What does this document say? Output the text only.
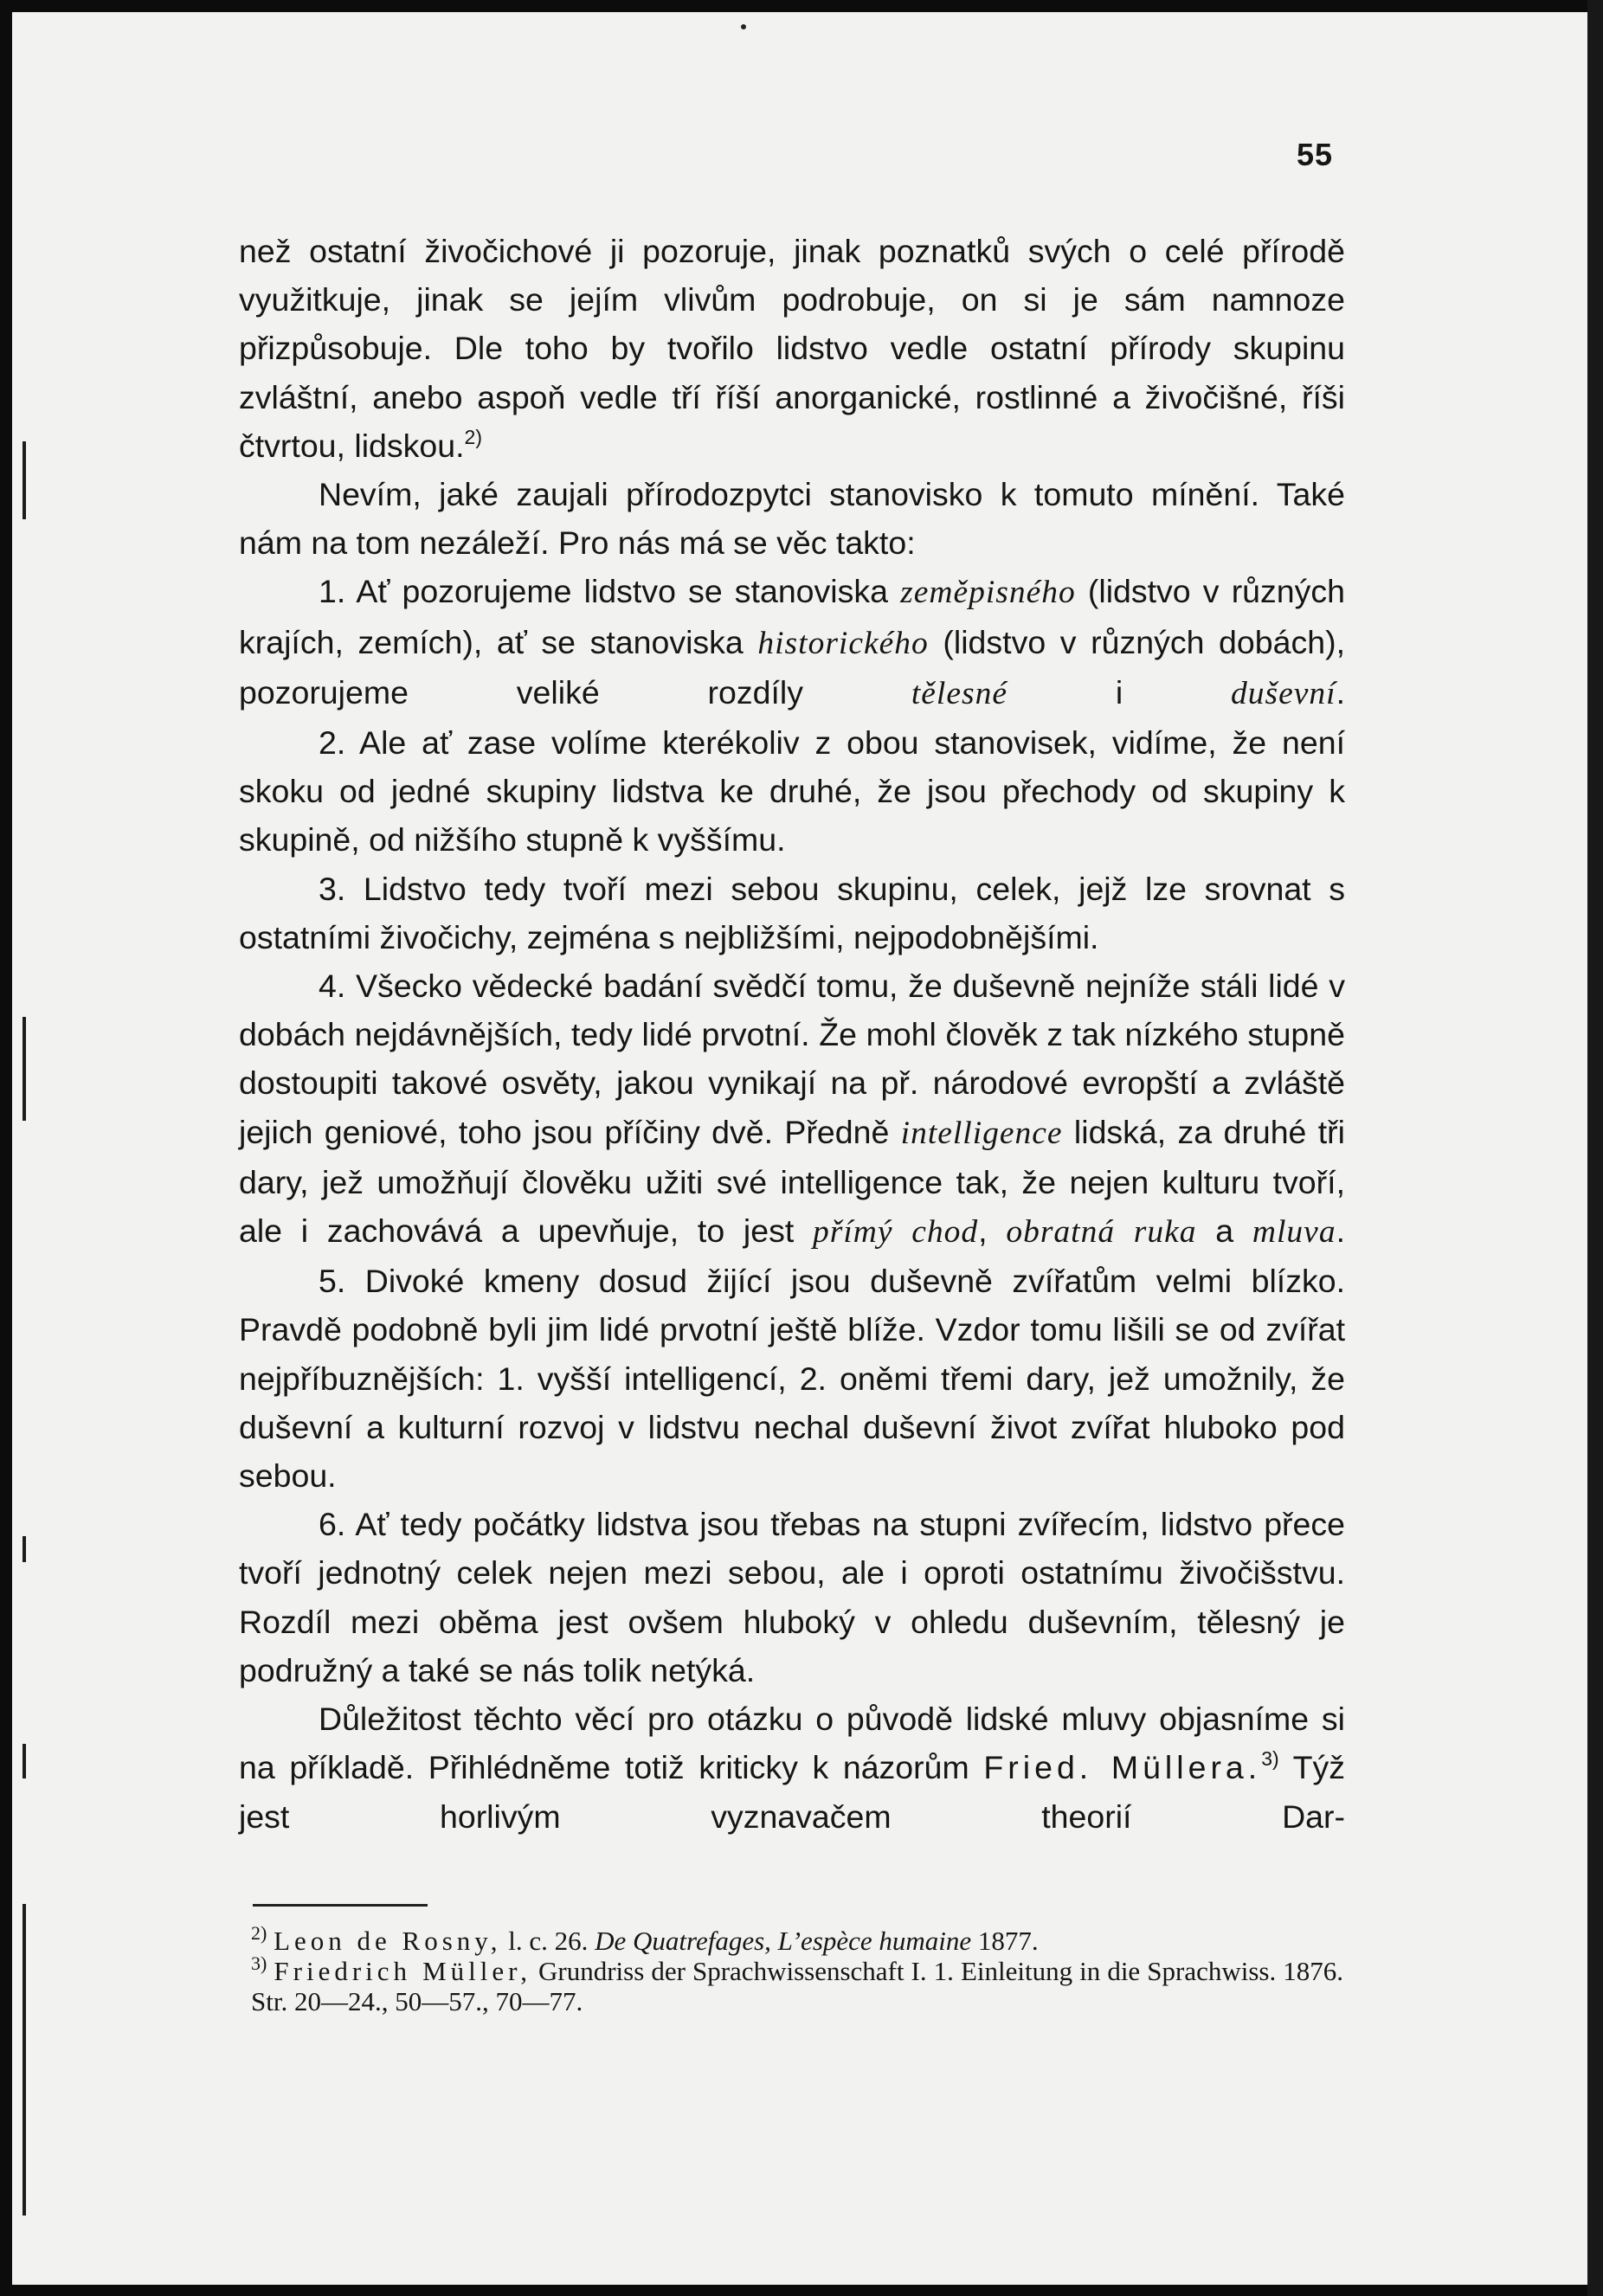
55

než ostatní živočichové ji pozoruje, jinak poznatků svých o celé přírodě využitkuje, jinak se jejím vlivům podrobuje, on si je sám namnoze přizpůsobuje. Dle toho by tvořilo lidstvo vedle ostatní přírody skupinu zvláštní, anebo aspoň vedle tří říší anorganické, rostlinné a živočišné, říši čtvrtou, lidskou.$^{2)}$

Nevím, jaké zaujali přírodozpytci stanovisko k tomuto mínění. Také nám na tom nezáleží. Pro nás má se věc takto:

1. Ať pozorujeme lidstvo se stanoviska zeměpisného (lidstvo v různých krajích, zemích), ať se stanoviska historického (lidstvo v různých dobách), pozorujeme veliké rozdíly tělesné i duševní.

2. Ale ať zase volíme kterékoliv z obou stanovisek, vidíme, že není skoku od jedné skupiny lidstva ke druhé, že jsou přechody od skupiny k skupině, od nižšího stupně k vyššímu.

3. Lidstvo tedy tvoří mezi sebou skupinu, celek, jejž lze srovnat s ostatními živočichy, zejména s nejbližšími, nejpodobnějšími.

4. Všecko vědecké badání svědčí tomu, že duševně nejníže stáli lidé v dobách nejdávnějších, tedy lidé prvotní. Že mohl člověk z tak nízkého stupně dostoupiti takové osvěty, jakou vynikají na př. národové evropští a zvláště jejich geniové, toho jsou příčiny dvě. Předně intelligence lidská, za druhé tři dary, jež umožňují člověku užiti své intelligence tak, že nejen kulturu tvoří, ale i zachovává a upevňuje, to jest přímý chod, obratná ruka a mluva.

5. Divoké kmeny dosud žijící jsou duševně zvířatům velmi blízko. Pravdě podobně byli jim lidé prvotní ještě blíže. Vzdor tomu lišili se od zvířat nejpříbuznějších: 1. vyšší intelligencí, 2. oněmi třemi dary, jež umožnily, že duševní a kulturní rozvoj v lidstvu nechal duševní život zvířat hluboko pod sebou.

6. Ať tedy počátky lidstva jsou třebas na stupni zvířecím, lidstvo přece tvoří jednotný celek nejen mezi sebou, ale i oproti ostatnímu živočišstvu. Rozdíl mezi oběma jest ovšem hluboký v ohledu duševním, tělesný je podružný a také se nás tolik netýká.

Důležitost těchto věcí pro otázku o původě lidské mluvy objasníme si na příkladě. Přihlédněme totiž kriticky k názorům Fried. Müllera.$^{3)}$ Týž jest horlivým vyznavačem theorií Dar-

$^{2)}$ Leon de Rosny, l. c. 26. De Quatrefages, L’espèce humaine 1877.

$^{3)}$ Friedrich Müller, Grundriss der Sprachwissenschaft I. 1. Einleitung in die Sprachwiss. 1876. Str. 20—24., 50—57., 70—77.
